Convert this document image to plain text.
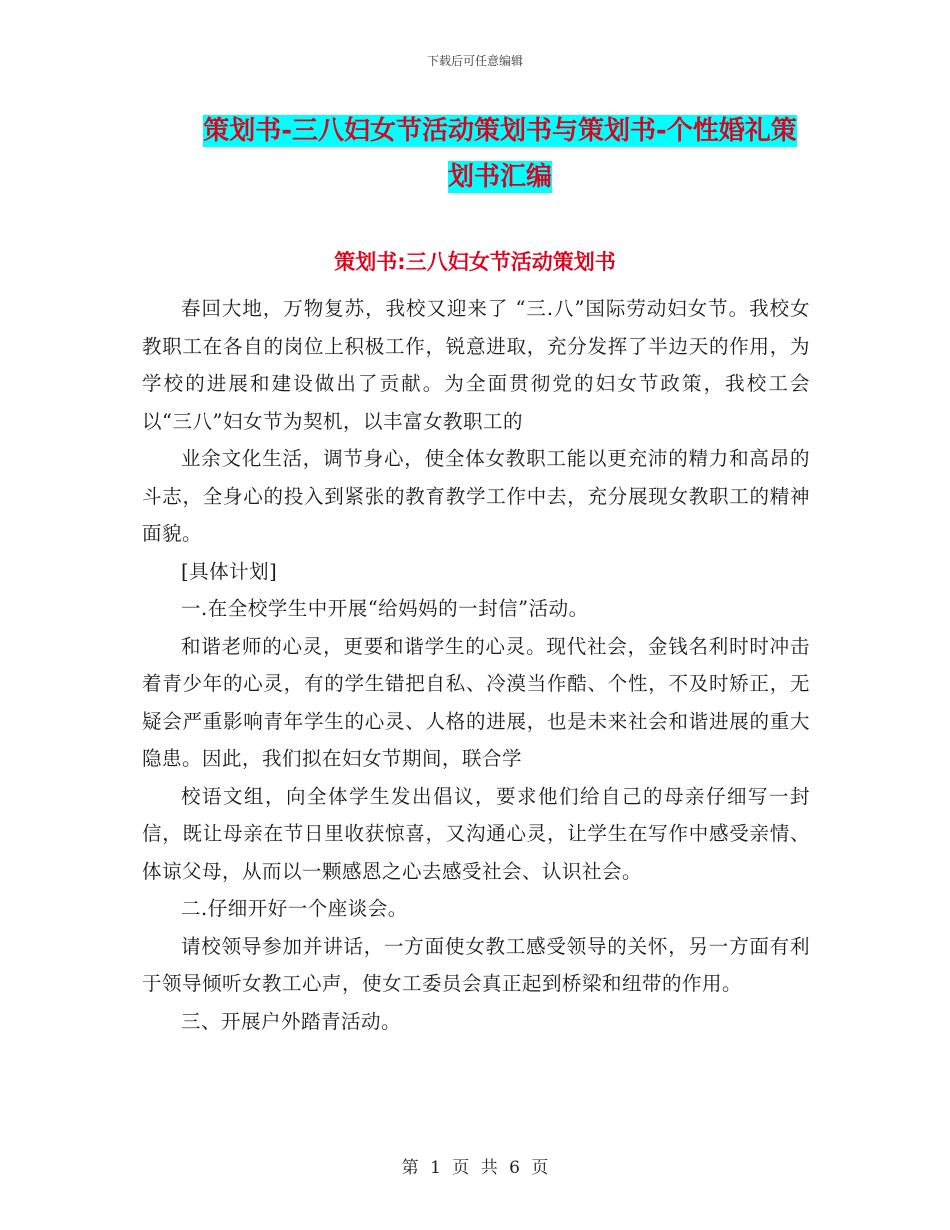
下载后可任意编辑
策划书-三八妇女节活动策划书与策划书-个性婚礼策
划书汇编
策划书:三八妇女节活动策划书

春回大地，万物复苏，我校又迎来了 “三.八”国际劳动妇女节。我校女教职工在各自的岗位上积极工作，锐意进取，充分发挥了半边天的作用，为学校的进展和建设做出了贡献。为全面贯彻党的妇女节政策，我校工会以“三八”妇女节为契机，以丰富女教职工的

业余文化生活，调节身心，使全体女教职工能以更充沛的精力和高昂的斗志，全身心的投入到紧张的教育教学工作中去，充分展现女教职工的精神面貌。

[具体计划]

一.在全校学生中开展“给妈妈的一封信”活动。

和谐老师的心灵，更要和谐学生的心灵。现代社会，金钱名利时时冲击着青少年的心灵，有的学生错把自私、冷漠当作酷、个性，不及时矫正，无疑会严重影响青年学生的心灵、人格的进展，也是未来社会和谐进展的重大隐患。因此，我们拟在妇女节期间，联合学

校语文组，向全体学生发出倡议，要求他们给自己的母亲仔细写一封信，既让母亲在节日里收获惊喜，又沟通心灵，让学生在写作中感受亲情、体谅父母，从而以一颗感恩之心去感受社会、认识社会。

二.仔细开好一个座谈会。

请校领导参加并讲话，一方面使女教工感受领导的关怀，另一方面有利于领导倾听女教工心声，使女工委员会真正起到桥梁和纽带的作用。

三、开展户外踏青活动。

第 1 页 共 6 页
